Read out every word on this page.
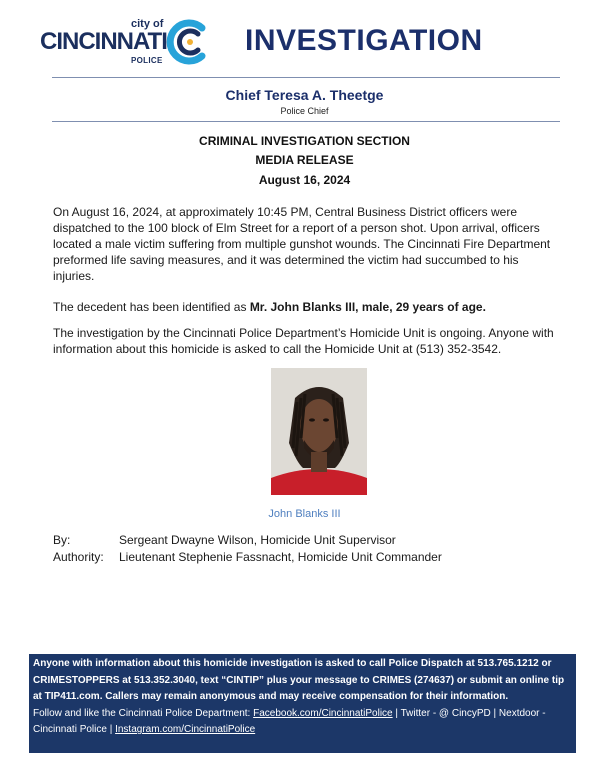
city of
CINCINNATI
POLICE
INVESTIGATION
Chief Teresa A. Theetge
Police Chief
CRIMINAL INVESTIGATION SECTION
MEDIA RELEASE
August 16, 2024

On August 16, 2024, at approximately 10:45 PM, Central Business District officers were dispatched to the 100 block of Elm Street for a report of a person shot. Upon arrival, officers located a male victim suffering from multiple gunshot wounds. The Cincinnati Fire Department preformed life saving measures, and it was determined the victim had succumbed to his injuries.

The decedent has been identified as Mr. John Blanks III, male, 29 years of age.

The investigation by the Cincinnati Police Department’s Homicide Unit is ongoing. Anyone with information about this homicide is asked to call the Homicide Unit at (513) 352-3542.

John Blanks III
By:	Sergeant Dwayne Wilson, Homicide Unit Supervisor
Authority: Lieutenant Stephenie Fassnacht, Homicide Unit Commander
Anyone with information about this homicide investigation is asked to call Police Dispatch at 513.765.1212 or CRIMESTOPPERS at 513.352.3040, text “CINTIP” plus your message to CRIMES (274637) or submit an online tip at TIP411.com. Callers may remain anonymous and may receive compensation for their information.
Follow and like the Cincinnati Police Department: Facebook.com/CincinnatiPolice | Twitter - @ CincyPD | Nextdoor - Cincinnati Police | Instagram.com/CincinnatiPolice
